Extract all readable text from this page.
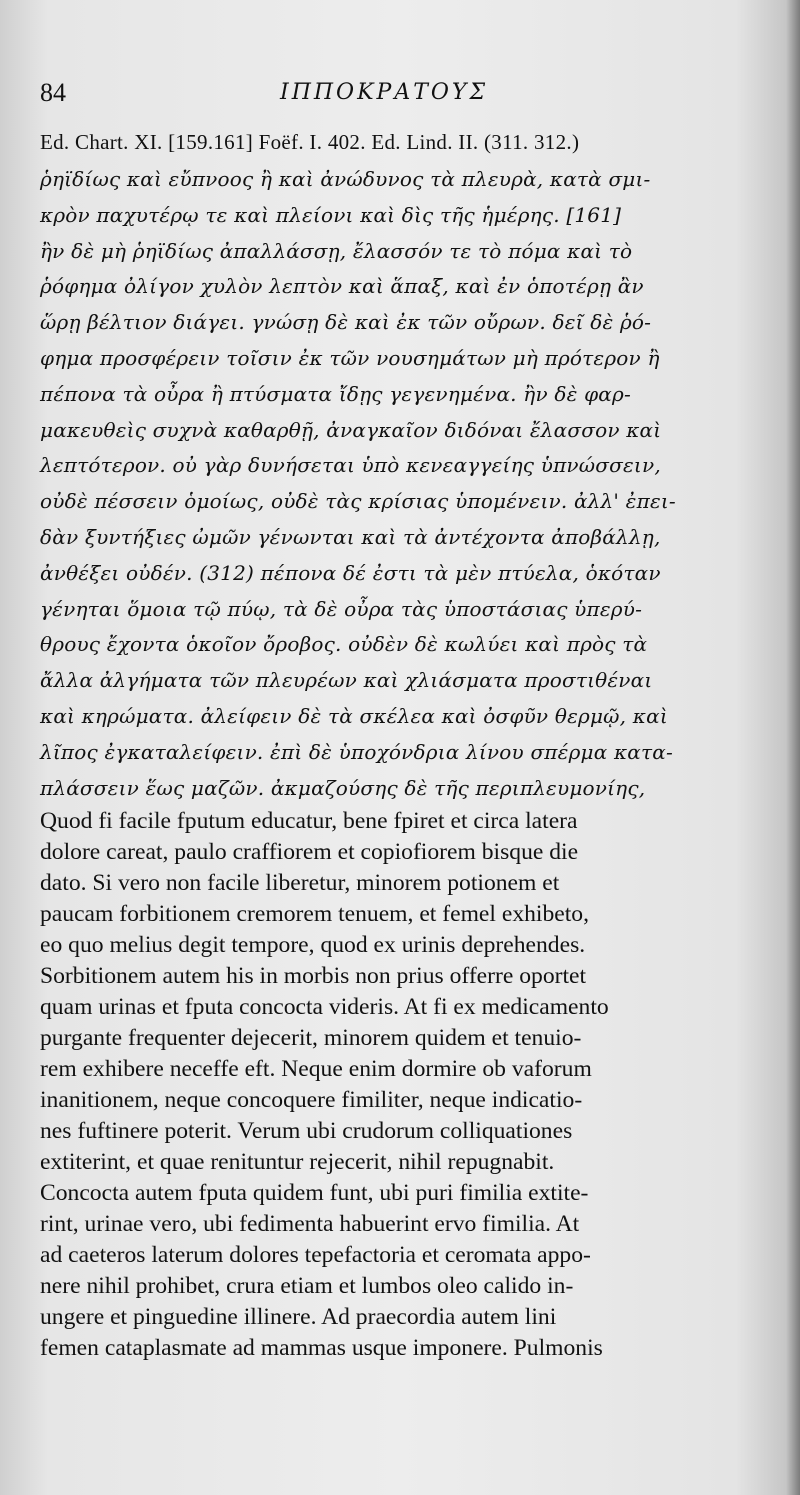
84	ΙΠΠΟΚΡΑΤΟΥΣ
Ed. Chart. XI. [159.161] Foëf. I. 402. Ed. Lind. II. (311. 312.)
ῥηϊδίως καὶ εὔπνοος ἢ καὶ ἀνώδυνος τὰ πλευρὰ, κατὰ σμι-
κρὸν παχυτέρῳ τε καὶ πλείονι καὶ δὶς τῆς ἡμέρης. [161]
ἢν δὲ μὴ ῥηϊδίως ἀπαλλάσσῃ, ἔλασσόν τε τὸ πόμα καὶ τὸ
ῥόφημα ὀλίγον χυλὸν λεπτὸν καὶ ἅπαξ, καὶ ἐν ὁποτέρῃ ἂν
ὥρῃ βέλτιον διάγει. γνώσῃ δὲ καὶ ἐκ τῶν οὔρων. δεῖ δὲ ῥό-
φημα προσφέρειν τοῖσιν ἐκ τῶν νουσημάτων μὴ πρότερον ἢ
πέπονα τὰ οὖρα ἢ πτύσματα ἴδῃς γεγενημένα. ἢν δὲ φαρ-
μακευθεὶς συχνὰ καθαρθῇ, ἀναγκαῖον διδόναι ἔλασσον καὶ
λεπτότερον. οὐ γὰρ δυνήσεται ὑπὸ κενεαγγείης ὑπνώσσειν,
οὐδὲ πέσσειν ὁμοίως, οὐδὲ τὰς κρίσιας ὑπομένειν. ἀλλ' ἐπει-
δὰν ξυντήξιες ὠμῶν γένωνται καὶ τὰ ἀντέχοντα ἀποβάλλῃ,
ἀνθέξει οὐδέν. (312) πέπονα δέ ἐστι τὰ μὲν πτύελα, ὁκόταν
γένηται ὅμοια τῷ πύῳ, τὰ δὲ οὖρα τὰς ὑποστάσιας ὑπερύ-
θρους ἔχοντα ὁκοῖον ὄροβος. οὐδὲν δὲ κωλύει καὶ πρὸς τὰ
ἄλλα ἀλγήματα τῶν πλευρέων καὶ χλιάσματα προστιθέναι
καὶ κηρώματα. ἀλείφειν δὲ τὰ σκέλεα καὶ ὀσφῦν θερμῷ, καὶ
λῖπος ἐγκαταλείφειν. ἐπὶ δὲ ὑποχόνδρια λίνου σπέρμα κατα-
πλάσσειν ἕως μαζῶν. ἀκμαζούσης δὲ τῆς περιπλευμονίης,
Quod fi facile fputum educatur, bene fpiret et circa latera
dolore careat, paulo craffiorem et copiofiorem bisque die
dato. Si vero non facile liberetur, minorem potionem et
paucam forbitionem cremorem tenuem, et femel exhibeto,
eo quo melius degit tempore, quod ex urinis deprehendes.
Sorbitionem autem his in morbis non prius offerre oportet
quam urinas et fputa concocta videris. At fi ex medicamento
purgante frequenter dejecerit, minorem quidem et tenuio-
rem exhibere neceffe eft. Neque enim dormire ob vaforum
inanitionem, neque concoquere fimiliter, neque indicatio-
nes fuftinere poterit. Verum ubi crudorum colliquationes
extiterint, et quae renituntur rejecerit, nihil repugnabit.
Concocta autem fputa quidem funt, ubi puri fimilia extite-
rint, urinae vero, ubi fedimenta habuerint ervo fimilia. At
ad caeteros laterum dolores tepefactoria et ceromata appo-
nere nihil prohibet, crura etiam et lumbos oleo calido in-
ungere et pinguedine illinere. Ad praecordia autem lini
femen cataplasmate ad mammas usque imponere. Pulmonis
